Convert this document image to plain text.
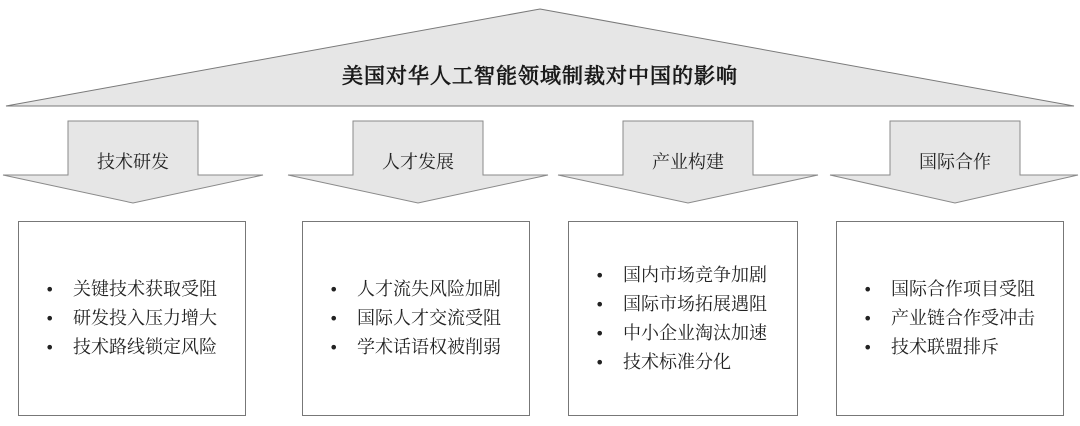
美国对华人工智能领域制裁对中国的影响
技术研发	人才发展	产业构建	国际合作
• 关键技术获取受阻
• 研发投入压力增大
• 技术路线锁定风险
• 人才流失风险加剧
• 国际人才交流受阻
• 学术话语权被削弱
• 国内市场竞争加剧
• 国际市场拓展遇阻
• 中小企业淘汰加速
• 技术标准分化
• 国际合作项目受阻
• 产业链合作受冲击
• 技术联盟排斥
